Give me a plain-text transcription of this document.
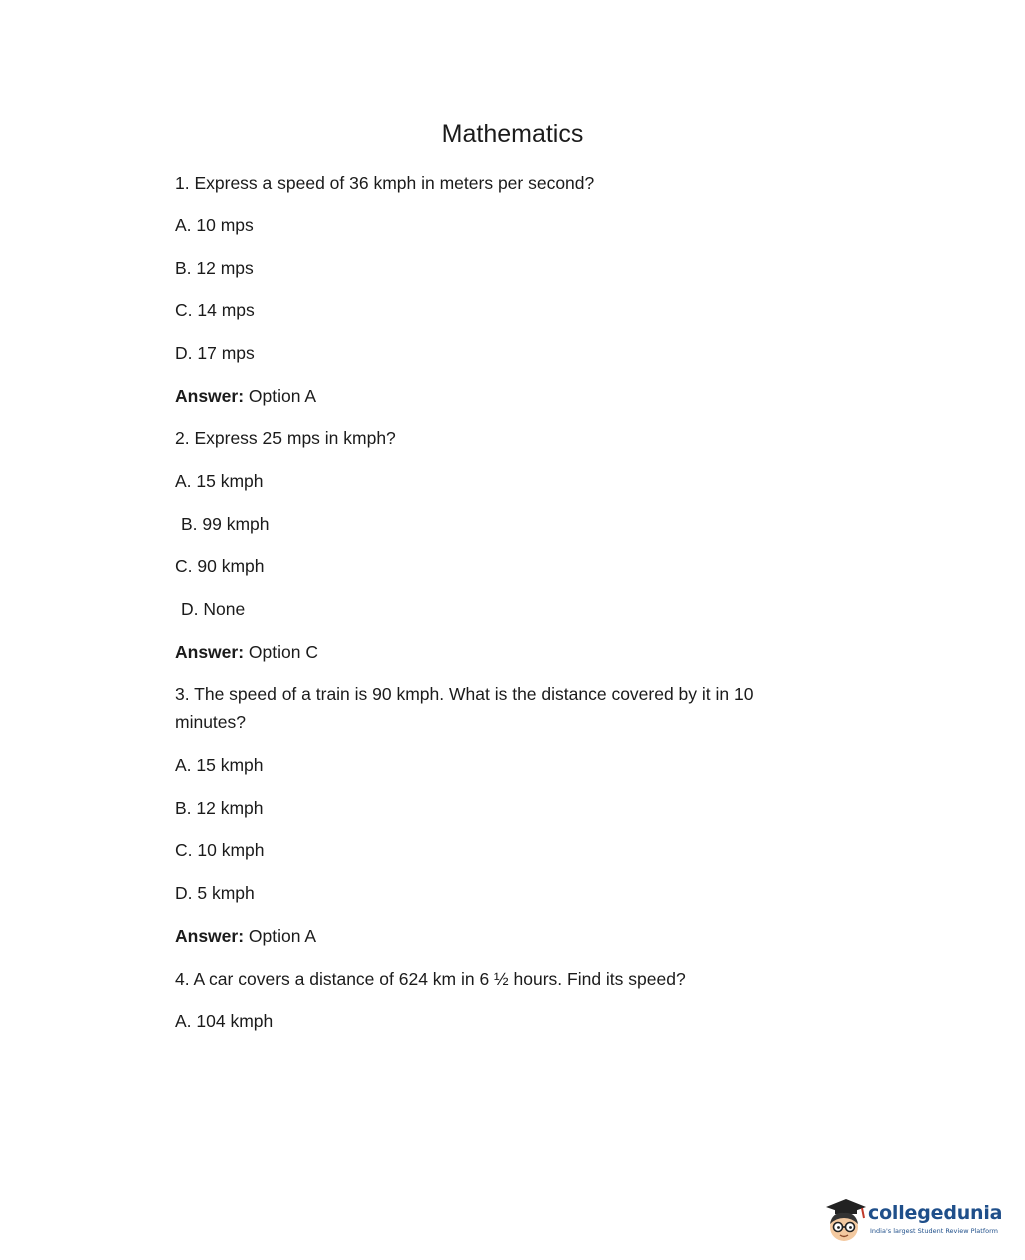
Mathematics
1. Express a speed of 36 kmph in meters per second?
A. 10 mps
B. 12 mps
C. 14 mps
D. 17 mps
Answer: Option A
2. Express 25 mps in kmph?
A. 15 kmph
B. 99 kmph
C. 90 kmph
D. None
Answer: Option C
3. The speed of a train is 90 kmph. What is the distance covered by it in 10
minutes?
A. 15 kmph
B. 12 kmph
C. 10 kmph
D. 5 kmph
Answer: Option A
4. A car covers a distance of 624 km in 6 ½ hours. Find its speed?
A. 104 kmph
collegedunia
India's largest Student Review Platform
